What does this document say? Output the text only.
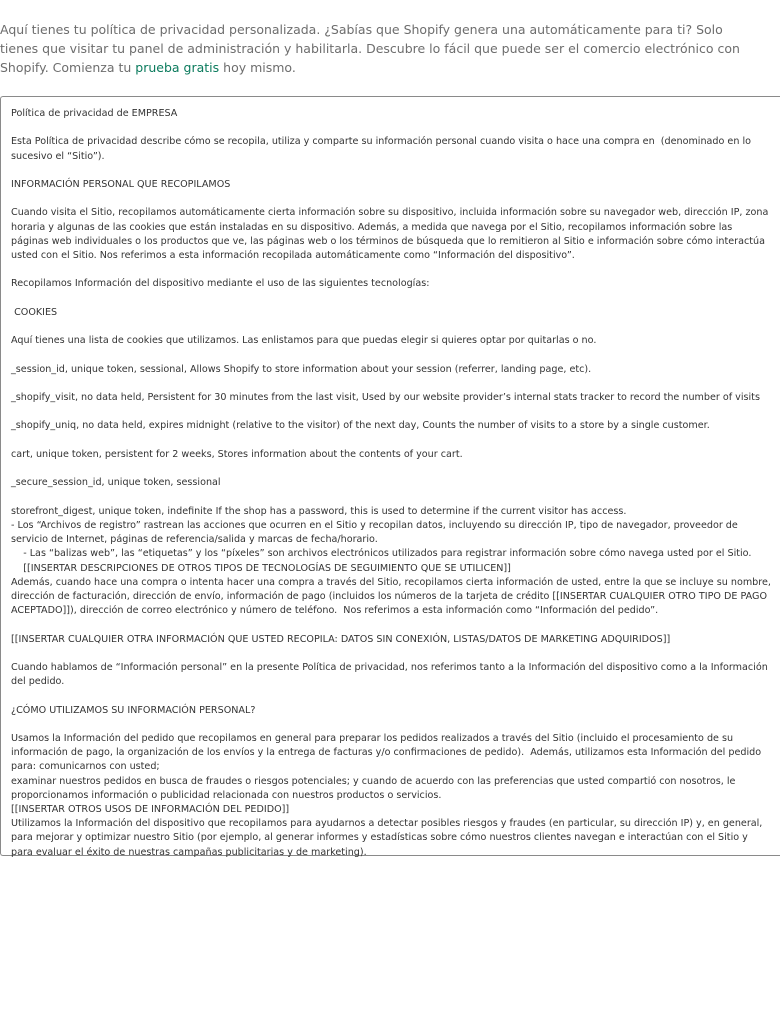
Aquí tienes tu política de privacidad personalizada. ¿Sabías que Shopify genera una automáticamente para ti? Solo tienes que visitar tu panel de administración y habilitarla. Descubre lo fácil que puede ser el comercio electrónico con Shopify. Comienza tu prueba gratis hoy mismo.
Política de privacidad de EMPRESA

Esta Política de privacidad describe cómo se recopila, utiliza y comparte su información personal cuando visita o hace una compra en  (denominado en lo sucesivo el “Sitio”).

INFORMACIÓN PERSONAL QUE RECOPILAMOS

Cuando visita el Sitio, recopilamos automáticamente cierta información sobre su dispositivo, incluida información sobre su navegador web, dirección IP, zona horaria y algunas de las cookies que están instaladas en su dispositivo. Además, a medida que navega por el Sitio, recopilamos información sobre las páginas web individuales o los productos que ve, las páginas web o los términos de búsqueda que lo remitieron al Sitio e información sobre cómo interactúa usted con el Sitio. Nos referimos a esta información recopilada automáticamente como “Información del dispositivo”.

Recopilamos Información del dispositivo mediante el uso de las siguientes tecnologías:

COOKIES

Aquí tienes una lista de cookies que utilizamos. Las enlistamos para que puedas elegir si quieres optar por quitarlas o no.

_session_id, unique token, sessional, Allows Shopify to store information about your session (referrer, landing page, etc).

_shopify_visit, no data held, Persistent for 30 minutes from the last visit, Used by our website provider’s internal stats tracker to record the number of visits

_shopify_uniq, no data held, expires midnight (relative to the visitor) of the next day, Counts the number of visits to a store by a single customer.

cart, unique token, persistent for 2 weeks, Stores information about the contents of your cart.

_secure_session_id, unique token, sessional

storefront_digest, unique token, indefinite If the shop has a password, this is used to determine if the current visitor has access.
- Los “Archivos de registro” rastrean las acciones que ocurren en el Sitio y recopilan datos, incluyendo su dirección IP, tipo de navegador, proveedor de servicio de Internet, páginas de referencia/salida y marcas de fecha/horario.
- Las “balizas web”, las “etiquetas” y los “píxeles” son archivos electrónicos utilizados para registrar información sobre cómo navega usted por el Sitio.
[[INSERTAR DESCRIPCIONES DE OTROS TIPOS DE TECNOLOGÍAS DE SEGUIMIENTO QUE SE UTILICEN]]
Además, cuando hace una compra o intenta hacer una compra a través del Sitio, recopilamos cierta información de usted, entre la que se incluye su nombre, dirección de facturación, dirección de envío, información de pago (incluidos los números de la tarjeta de crédito [[INSERTAR CUALQUIER OTRO TIPO DE PAGO ACEPTADO]]), dirección de correo electrónico y número de teléfono.  Nos referimos a esta información como “Información del pedido”.

[[INSERTAR CUALQUIER OTRA INFORMACIÓN QUE USTED RECOPILA: DATOS SIN CONEXIÓN, LISTAS/DATOS DE MARKETING ADQUIRIDOS]]

Cuando hablamos de “Información personal” en la presente Política de privacidad, nos referimos tanto a la Información del dispositivo como a la Información del pedido.

¿CÓMO UTILIZAMOS SU INFORMACIÓN PERSONAL?

Usamos la Información del pedido que recopilamos en general para preparar los pedidos realizados a través del Sitio (incluido el procesamiento de su información de pago, la organización de los envíos y la entrega de facturas y/o confirmaciones de pedido).  Además, utilizamos esta Información del pedido para: comunicarnos con usted;
examinar nuestros pedidos en busca de fraudes o riesgos potenciales; y cuando de acuerdo con las preferencias que usted compartió con nosotros, le proporcionamos información o publicidad relacionada con nuestros productos o servicios.
[[INSERTAR OTROS USOS DE INFORMACIÓN DEL PEDIDO]]
Utilizamos la Información del dispositivo que recopilamos para ayudarnos a detectar posibles riesgos y fraudes (en particular, su dirección IP) y, en general, para mejorar y optimizar nuestro Sitio (por ejemplo, al generar informes y estadísticas sobre cómo nuestros clientes navegan e interactúan con el Sitio y para evaluar el éxito de nuestras campañas publicitarias y de marketing).
